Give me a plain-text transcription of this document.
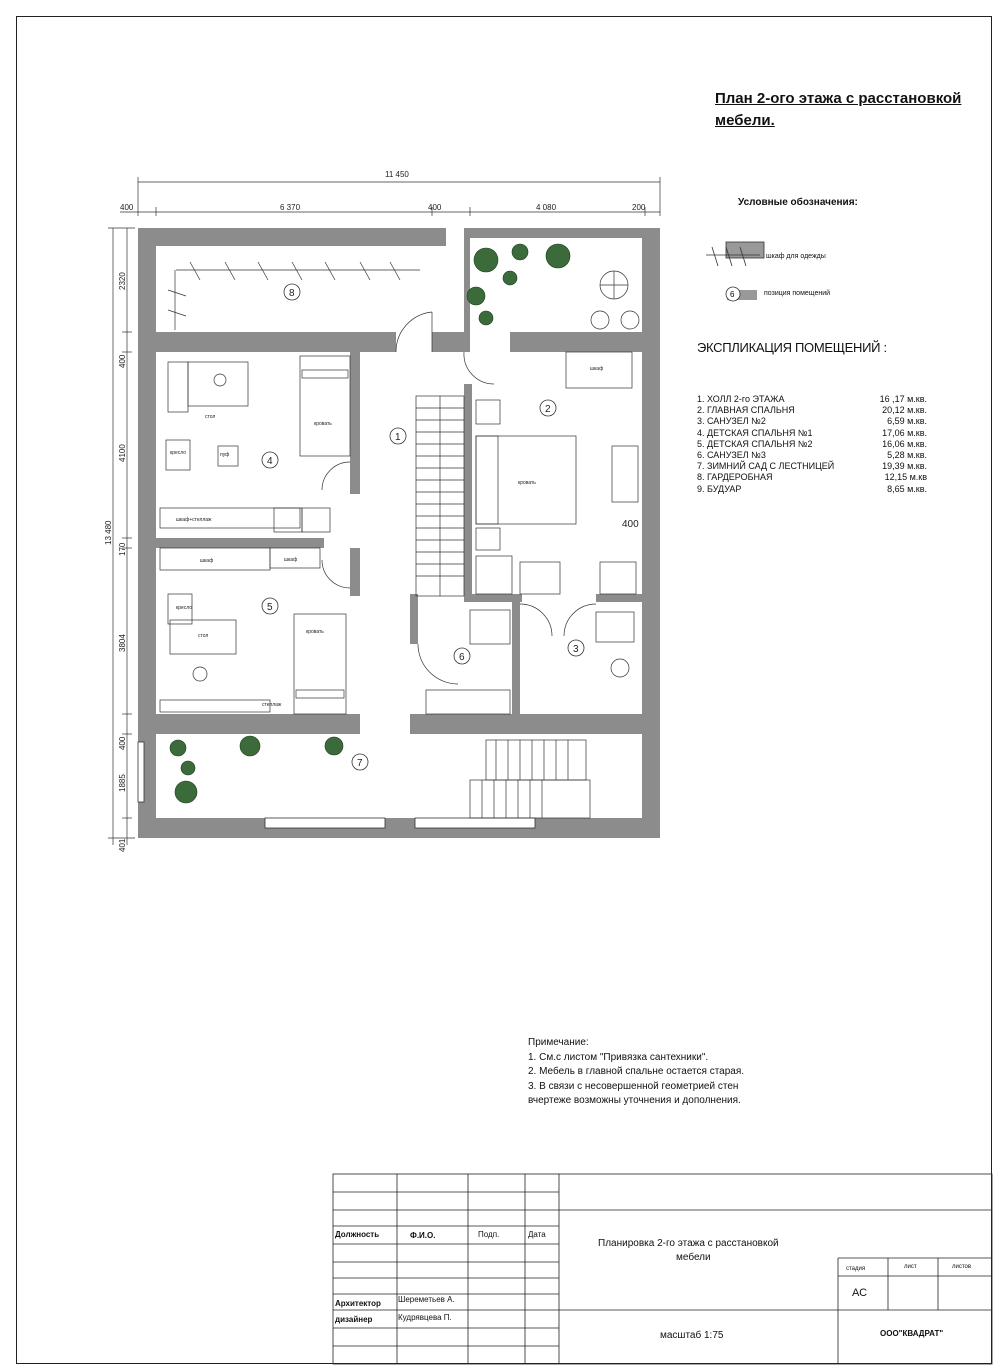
План 2-ого этажа с расстановкой
мебели.
Условные обозначения:
шкаф для одежды
позиция помещений
ЭКСПЛИКАЦИЯ ПОМЕЩЕНИЙ :
1. ХОЛЛ 2-го ЭТАЖА	16 ,17 м.кв.
2. ГЛАВНАЯ СПАЛЬНЯ	20,12 м.кв.
3. САНУЗЕЛ №2	6,59 м.кв.
4. ДЕТСКАЯ СПАЛЬНЯ №1	17,06 м.кв.
5. ДЕТСКАЯ СПАЛЬНЯ №2	16,06 м.кв.
6. САНУЗЕЛ №3	5,28 м.кв.
7. ЗИМНИЙ САД С ЛЕСТНИЦЕЙ	19,39 м.кв.
8. ГАРДЕРОБНАЯ	12,15 м.кв
9. БУДУАР	8,65 м.кв.
Примечание:
1. См.с листом "Привязка сантехники".
2. Мебель в главной спальне остается старая.
3. В связи с несовершенной геометрией стен
вчертеже возможны уточнения и дополнения.
6
11 450
400	6 370	400	4 080	200
13 480
2320
400
4100
170
3804
400
1885
401
400
кровать
стол
кресло	пуф
шкаф+стеллаж
кровать
стол
кресло
шкаф
стеллаж
шкаф
кровать
шкаф
1
2
3
4
5
6
7
8
Должность	Ф.И.О.	Подп.	Дата
Планировка 2-го этажа с расстановкой
мебели
стадия	лист	листов
АС
Архитектор Шереметьев А.
дизайнер	Кудрявцева П.
масштаб 1:75	ООО"КВАДРАТ"
